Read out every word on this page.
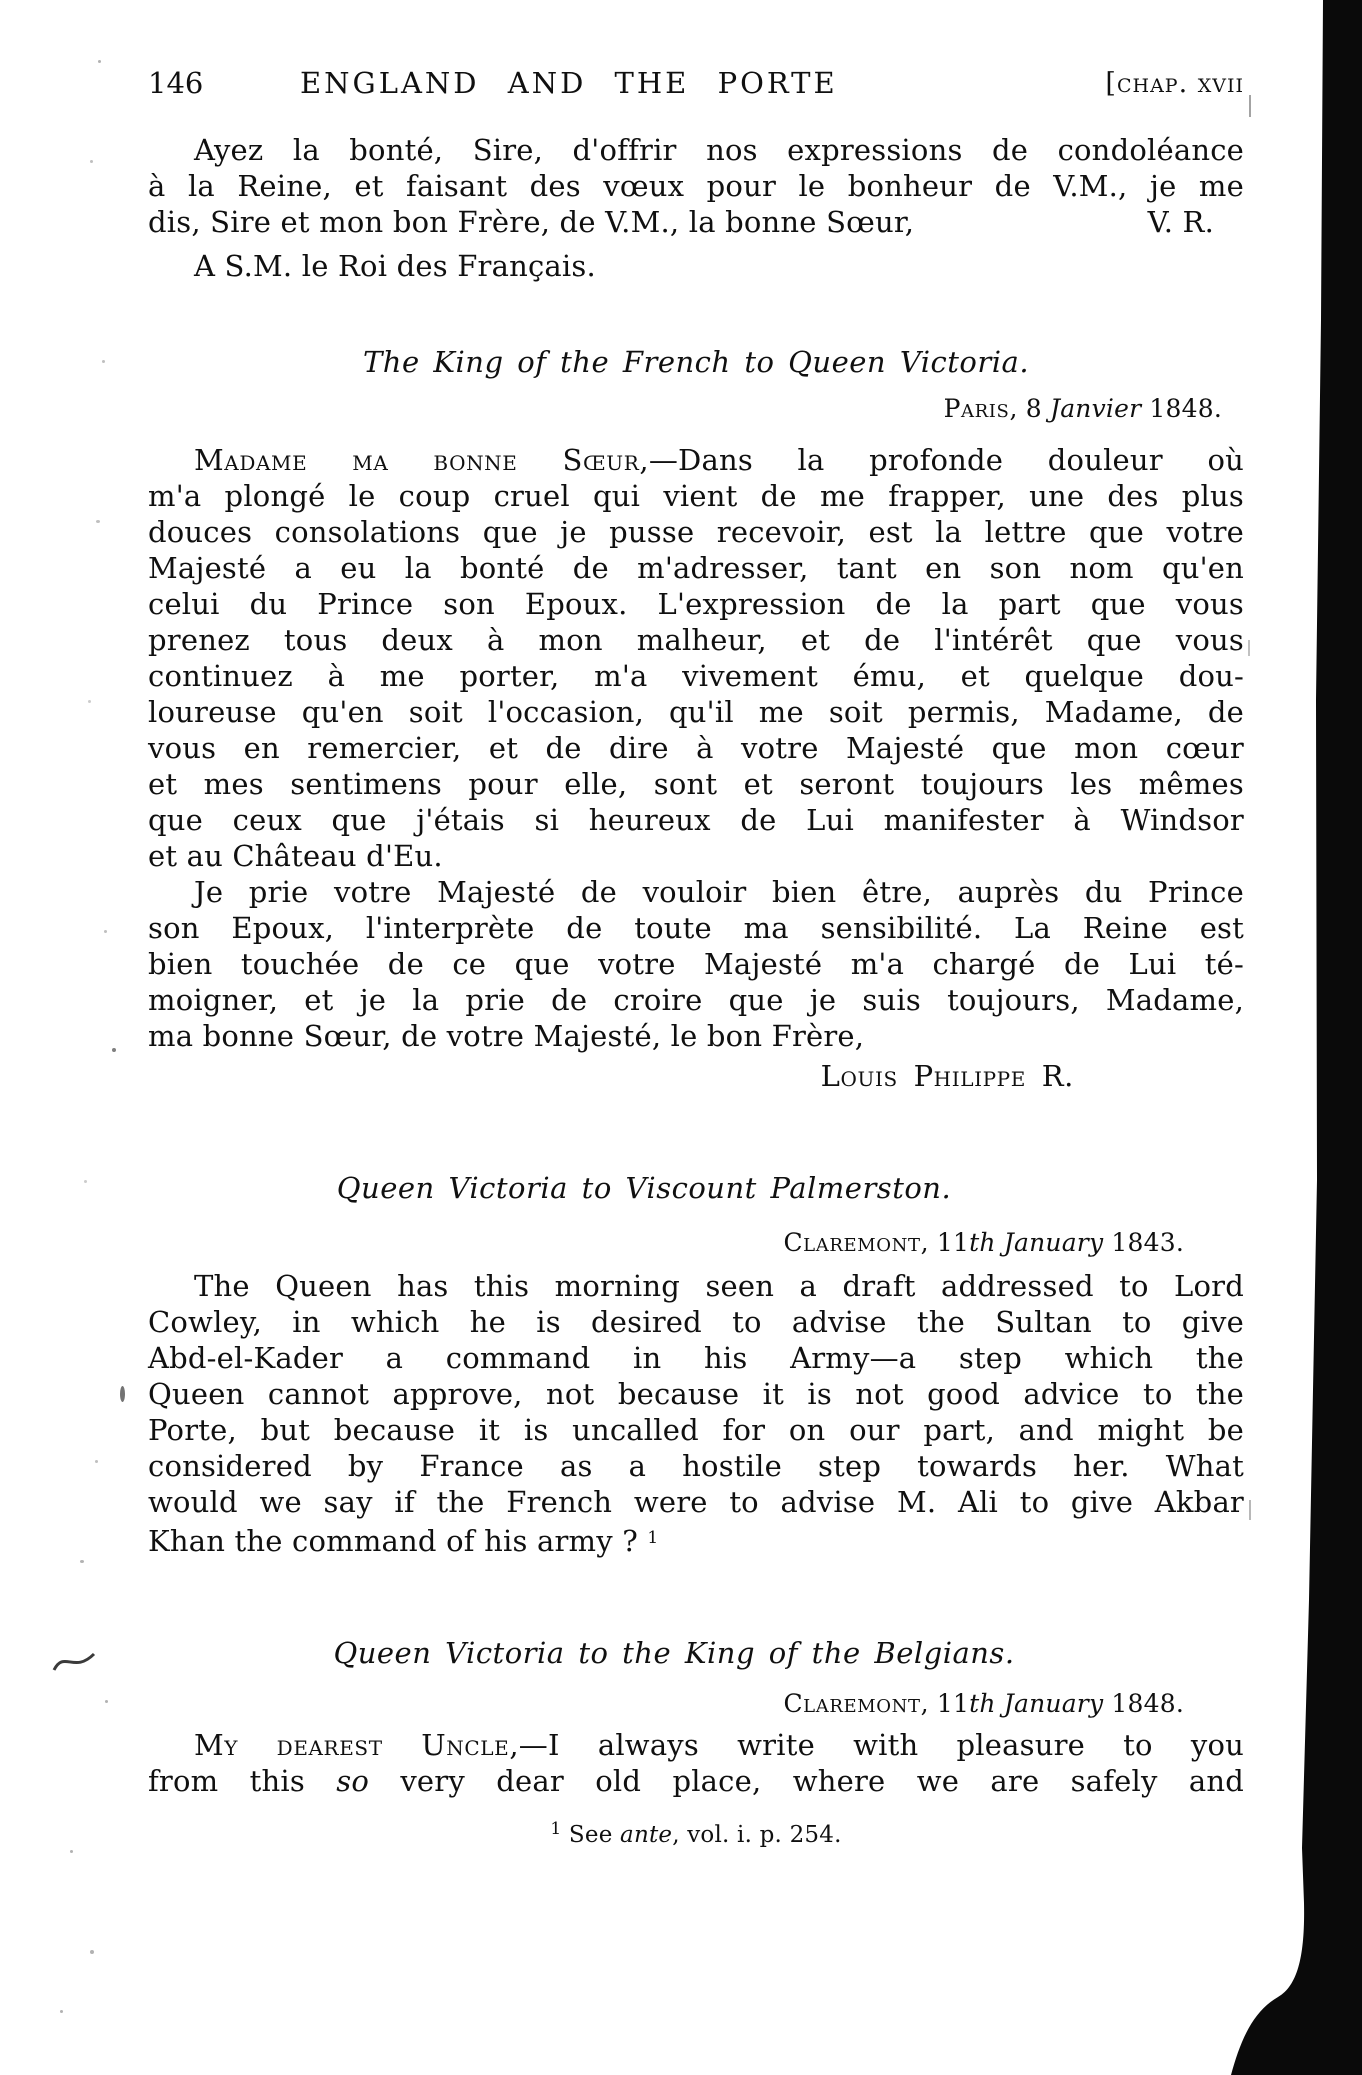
146	ENGLAND AND THE PORTE	[chap. xvii
Ayez la bonté, Sire, d'offrir nos expressions de condoléance
à la Reine, et faisant des vœux pour le bonheur de V.M., je me
dis, Sire et mon bon Frère, de V.M., la bonne Sœur,	V. R.
A S.M. le Roi des Français.
The King of the French to Queen Victoria.
Paris, 8 Janvier 1848.
Madame ma bonne Sœur,—Dans la profonde douleur où
m'a plongé le coup cruel qui vient de me frapper, une des plus
douces consolations que je pusse recevoir, est la lettre que votre
Majesté a eu la bonté de m'adresser, tant en son nom qu'en
celui du Prince son Epoux. L'expression de la part que vous
prenez tous deux à mon malheur, et de l'intérêt que vous
continuez à me porter, m'a vivement ému, et quelque dou-
loureuse qu'en soit l'occasion, qu'il me soit permis, Madame, de
vous en remercier, et de dire à votre Majesté que mon cœur
et mes sentimens pour elle, sont et seront toujours les mêmes
que ceux que j'étais si heureux de Lui manifester à Windsor
et au Château d'Eu.
Je prie votre Majesté de vouloir bien être, auprès du Prince
son Epoux, l'interprète de toute ma sensibilité. La Reine est
bien touchée de ce que votre Majesté m'a chargé de Lui té-
moigner, et je la prie de croire que je suis toujours, Madame,
ma bonne Sœur, de votre Majesté, le bon Frère,
Louis Philippe R.
Queen Victoria to Viscount Palmerston.
Claremont, 11th January 1843.
The Queen has this morning seen a draft addressed to Lord
Cowley, in which he is desired to advise the Sultan to give
Abd-el-Kader a command in his Army—a step which the
Queen cannot approve, not because it is not good advice to the
Porte, but because it is uncalled for on our part, and might be
considered by France as a hostile step towards her. What
would we say if the French were to advise M. Ali to give Akbar
Khan the command of his army ? $^1$
Queen Victoria to the King of the Belgians.
Claremont, 11th January 1848.
My dearest Uncle,—I always write with pleasure to you
from this so very dear old place, where we are safely and
$^1$ See ante, vol. i. p. 254.
